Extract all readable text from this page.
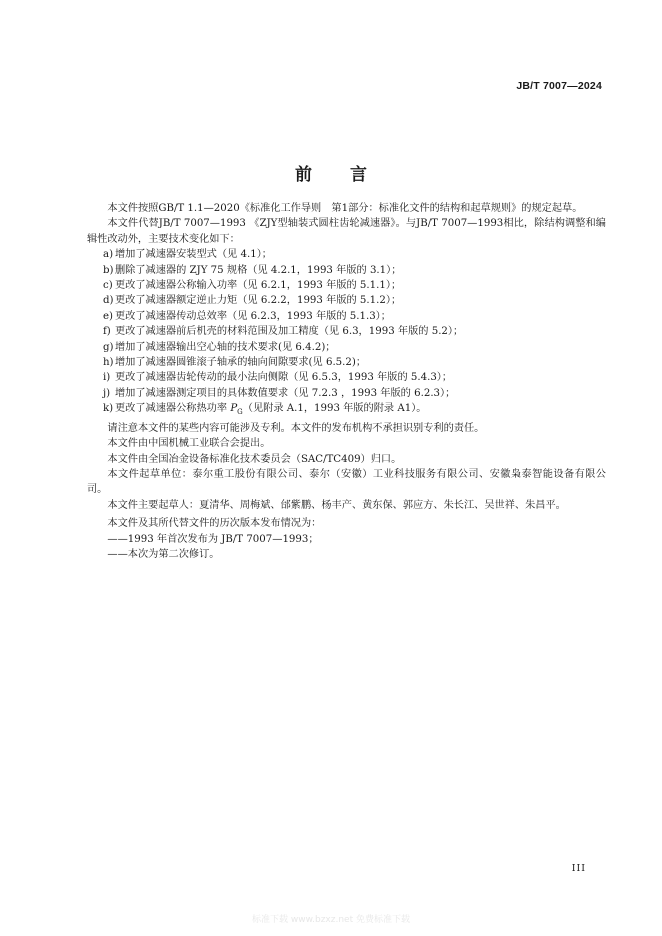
JB/T 7007—2024
前 言

本文件按照GB/T 1.1—2020《标准化工作导则　第1部分：标准化文件的结构和起草规则》的规定起草。

本文件代替JB/T 7007—1993 《ZJY型轴装式圆柱齿轮减速器》。与JB/T 7007—1993相比，除结构调整和编辑性改动外，主要技术变化如下：

a) 增加了减速器安装型式（见 4.1）；

b) 删除了减速器的 ZJY 75 规格（见 4.2.1，1993 年版的 3.1）；

c) 更改了减速器公称输入功率（见 6.2.1，1993 年版的 5.1.1）；

d) 更改了减速器额定逆止力矩（见 6.2.2，1993 年版的 5.1.2）；

e) 更改了减速器传动总效率（见 6.2.3，1993 年版的 5.1.3）；

f) 更改了减速器前后机壳的材料范围及加工精度（见 6.3，1993 年版的 5.2）；

g) 增加了减速器输出空心轴的技术要求(见 6.4.2)；

h) 增加了减速器圆锥滚子轴承的轴向间隙要求(见 6.5.2)；

i) 更改了减速器齿轮传动的最小法向侧隙（见 6.5.3，1993 年版的 5.4.3）；

j) 增加了减速器测定项目的具体数值要求（见 7.2.3 ，1993 年版的 6.2.3）；

k) 更改了减速器公称热功率 $P_G$（见附录 A.1，1993 年版的附录 A1）。

请注意本文件的某些内容可能涉及专利。本文件的发布机构不承担识别专利的责任。

本文件由中国机械工业联合会提出。

本文件由全国冶金设备标准化技术委员会（SAC/TC409）归口。

本文件起草单位：泰尔重工股份有限公司、泰尔（安徽）工业科技服务有限公司、安徽枭泰智能设备有限公司。

本文件主要起草人：夏清华、周梅斌、邰紫鹏、杨丰产、黄东保、郭应方、朱长江、吴世祥、朱昌平。

本文件及其所代替文件的历次版本发布情况为：

——1993 年首次发布为 JB/T 7007—1993；

——本次为第二次修订。

III
标准下载 www.bzxz.net 免费标准下载
